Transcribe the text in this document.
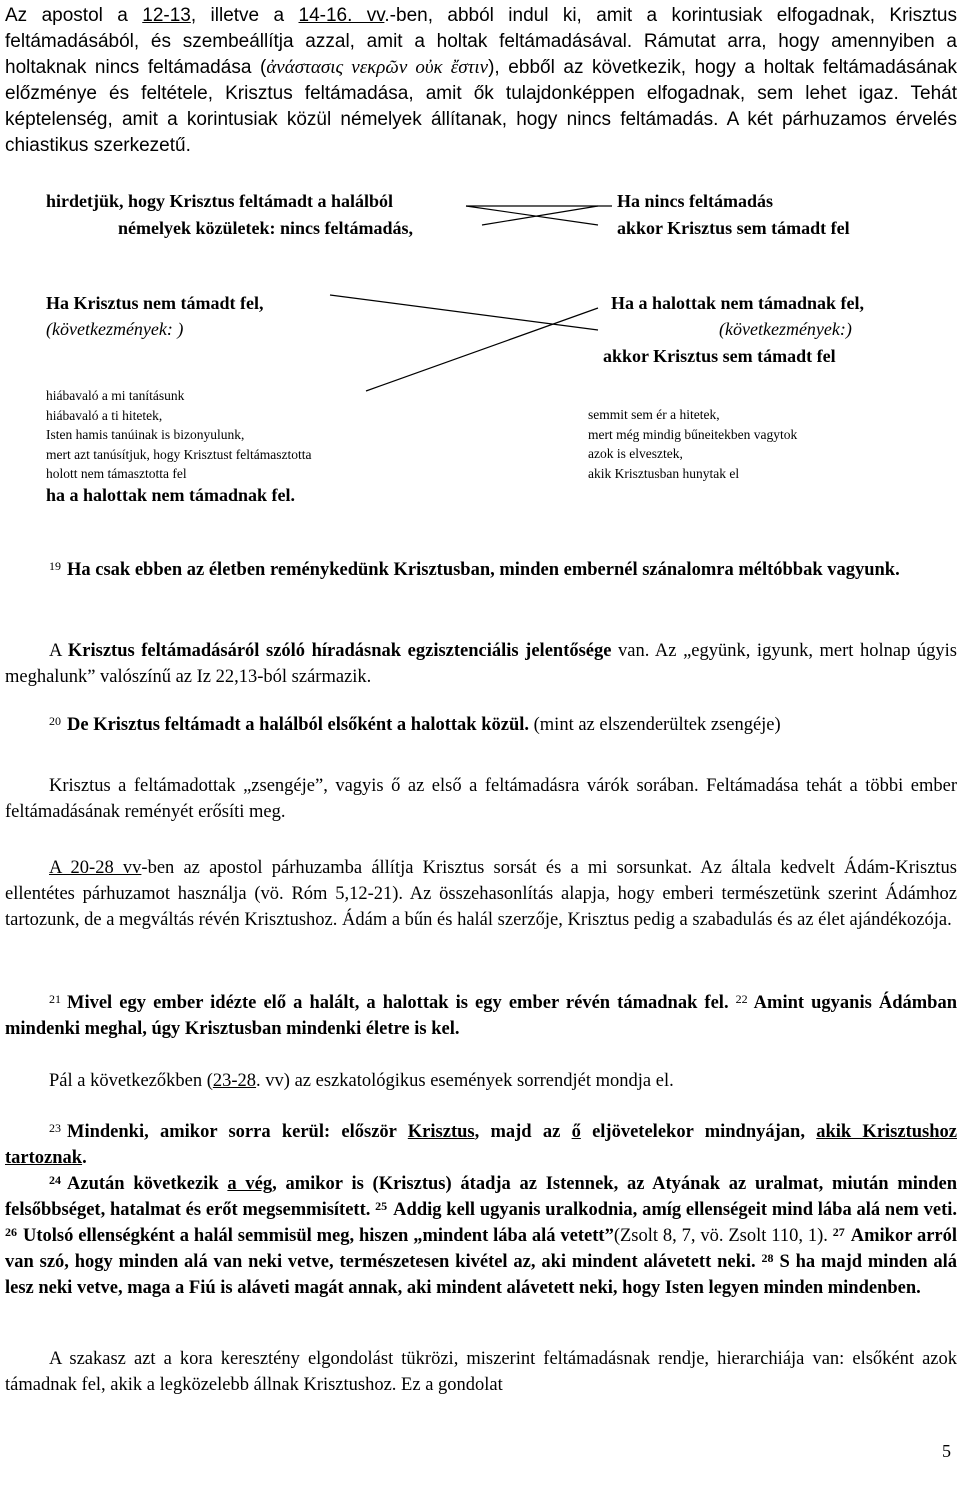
Az apostol a 12-13, illetve a 14-16. vv.-ben, abból indul ki, amit a korintusiak elfogadnak, Krisztus feltámadásából, és szembeállítja azzal, amit a holtak feltámadásával. Rámutat arra, hogy amennyiben a holtaknak nincs feltámadása (ἀνάστασις νεκρῶν οὐκ ἔστιν), ebből az következik, hogy a holtak feltámadásának előzménye és feltétele, Krisztus feltámadása, amit ők tulajdonképpen elfogadnak, sem lehet igaz. Tehát képtelenség, amit a korintusiak közül némelyek állítanak, hogy nincs feltámadás. A két párhuzamos érvelés chiastikus szerkezetű.
hirdetjük, hogy Krisztus feltámadt a halálból
némelyek közületek: nincs feltámadás,
Ha nincs feltámadás
akkor Krisztus sem támadt fel
Ha Krisztus nem támadt fel,
(következmények: )
Ha a halottak nem támadnak fel,
(következmények:)
akkor Krisztus sem támadt fel
hiábavaló a mi tanításunk
hiábavaló a ti hitetek,
Isten hamis tanúinak is bizonyulunk,
mert azt tanúsítjuk, hogy Krisztust feltámasztotta
holott nem támasztotta fel
ha a halottak nem támadnak fel.
semmit sem ér a hitetek,
mert még mindig bűneitekben vagytok
azok is elvesztek,
akik Krisztusban hunytak el
$^{19}$ Ha csak ebben az életben reménykedünk Krisztusban, minden embernél szánalomra méltóbbak vagyunk.
A Krisztus feltámadásáról szóló híradásnak egzisztenciális jelentősége van. Az „együnk, igyunk, mert holnap úgyis meghalunk” valószínű az Iz 22,13-ból származik.
$^{20}$ De Krisztus feltámadt a halálból elsőként a halottak közül. (mint az elszenderültek zsengéje)
Krisztus a feltámadottak „zsengéje”, vagyis ő az első a feltámadásra várók sorában. Feltámadása tehát a többi ember feltámadásának reményét erősíti meg.
A 20-28 vv-ben az apostol párhuzamba állítja Krisztus sorsát és a mi sorsunkat. Az általa kedvelt Ádám-Krisztus ellentétes párhuzamot használja (vö. Róm 5,12-21). Az összehasonlítás alapja, hogy emberi természetünk szerint Ádámhoz tartozunk, de a megváltás révén Krisztushoz. Ádám a bűn és halál szerzője, Krisztus pedig a szabadulás és az élet ajándékozója.
$^{21}$ Mivel egy ember idézte elő a halált, a halottak is egy ember révén támadnak fel. $^{22}$ Amint ugyanis Ádámban mindenki meghal, úgy Krisztusban mindenki életre is kel.
Pál a következőkben (23-28. vv) az eszkatológikus események sorrendjét mondja el.
$^{23}$ Mindenki, amikor sorra kerül: először Krisztus, majd az ő eljövetelekor mindnyájan, akik Krisztushoz tartoznak.
$^{24}$ Azután következik a vég, amikor is (Krisztus) átadja az Istennek, az Atyának az uralmat, miután minden felsőbbséget, hatalmat és erőt megsemmisített. $^{25}$ Addig kell ugyanis uralkodnia, amíg ellenségeit mind lába alá nem veti. $^{26}$ Utolsó ellenségként a halál semmisül meg, hiszen „mindent lába alá vetett”(Zsolt 8, 7, vö. Zsolt 110, 1). $^{27}$ Amikor arról van szó, hogy minden alá van neki vetve, természetesen kivétel az, aki mindent alávetett neki. $^{28}$ S ha majd minden alá lesz neki vetve, maga a Fiú is aláveti magát annak, aki mindent alávetett neki, hogy Isten legyen minden mindenben.
A szakasz azt a kora keresztény elgondolást tükrözi, miszerint feltámadásnak rendje, hierarchiája van: elsőként azok támadnak fel, akik a legközelebb állnak Krisztushoz. Ez a gondolat
5
